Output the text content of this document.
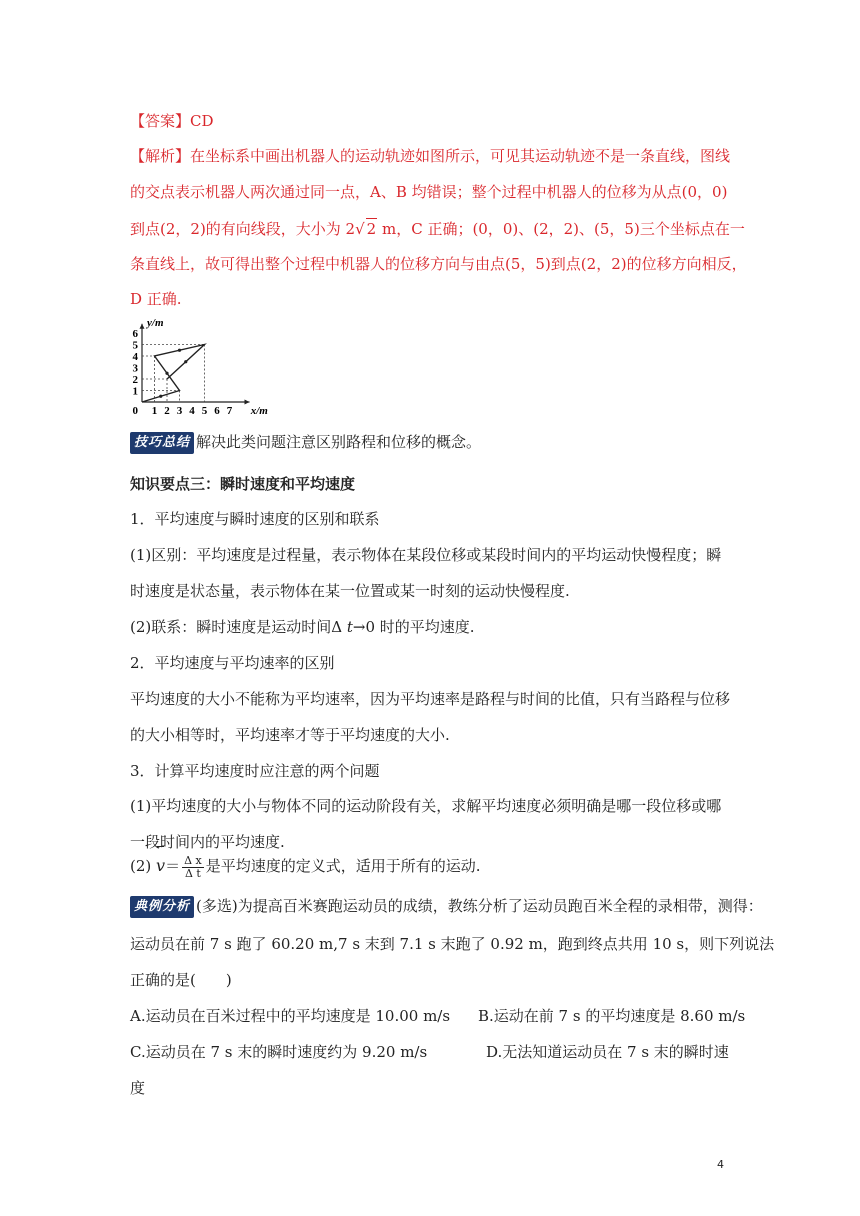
【答案】CD
【解析】在坐标系中画出机器人的运动轨迹如图所示，可见其运动轨迹不是一条直线，图线
的交点表示机器人两次通过同一点，A、B 均错误；整个过程中机器人的位移为从点(0，0)
到点(2，2)的有向线段，大小为 2√ 2 m，C 正确；(0，0)、(2，2)、(5，5)三个坐标点在一
条直线上，故可得出整个过程中机器人的位移方向与由点(5，5)到点(2，2)的位移方向相反，
D 正确.
1 2 3 4 5 6 7
1
2
3
4
5
6
0	x/m
y/m
技巧总结 解决此类问题注意区别路程和位移的概念。
知识要点三：瞬时速度和平均速度
1．平均速度与瞬时速度的区别和联系
(1)区别：平均速度是过程量，表示物体在某段位移或某段时间内的平均运动快慢程度；瞬
时速度是状态量，表示物体在某一位置或某一时刻的运动快慢程度.
(2)联系：瞬时速度是运动时间Δ t→0 时的平均速度.
2．平均速度与平均速率的区别
平均速度的大小不能称为平均速率，因为平均速率是路程与时间的比值，只有当路程与位移
的大小相等时，平均速率才等于平均速度的大小.
3．计算平均速度时应注意的两个问题
(1)平均速度的大小与物体不同的运动阶段有关，求解平均速度必须明确是哪一段位移或哪
一段时间内的平均速度.
(2) $v= \frac{\text{Δ x}}{\text{Δ t}}$ 是平均速度的定义式，适用于所有的运动.
典例分析 (多选)为提高百米赛跑运动员的成绩，教练分析了运动员跑百米全程的录相带，测得：
运动员在前 7 s 跑了 60.20 m,7 s 末到 7.1 s 末跑了 0.92 m，跑到终点共用 10 s，则下列说法
正确的是(　　)
A.运动员在百米过程中的平均速度是 10.00 m/s B.运动在前 7 s 的平均速度是 8.60 m/s
C.运动员在 7 s 末的瞬时速度约为 9.20 m/s	D.无法知道运动员在 7 s 末的瞬时速
度
4
